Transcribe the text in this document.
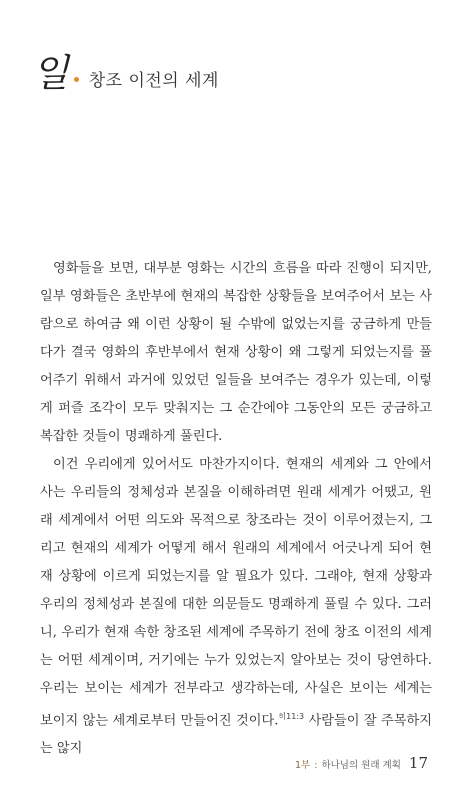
일 창조 이전의 세계

영화들을 보면, 대부분 영화는 시간의 흐름을 따라 진행이 되지만, 일부 영화들은 초반부에 현재의 복잡한 상황들을 보여주어서 보는 사람으로 하여금 왜 이런 상황이 될 수밖에 없었는지를 궁금하게 만들다가 결국 영화의 후반부에서 현재 상황이 왜 그렇게 되었는지를 풀어주기 위해서 과거에 있었던 일들을 보여주는 경우가 있는데, 이렇게 퍼즐 조각이 모두 맞춰지는 그 순간에야 그동안의 모든 궁금하고 복잡한 것들이 명쾌하게 풀린다.

이건 우리에게 있어서도 마찬가지이다. 현재의 세계와 그 안에서 사는 우리들의 정체성과 본질을 이해하려면 원래 세계가 어땠고, 원래 세계에서 어떤 의도와 목적으로 창조라는 것이 이루어졌는지, 그리고 현재의 세계가 어떻게 해서 원래의 세계에서 어긋나게 되어 현재 상황에 이르게 되었는지를 알 필요가 있다. 그래야, 현재 상황과 우리의 정체성과 본질에 대한 의문들도 명쾌하게 풀릴 수 있다. 그러니, 우리가 현재 속한 창조된 세계에 주목하기 전에 창조 이전의 세계는 어떤 세계이며, 거기에는 누가 있었는지 알아보는 것이 당연하다. 우리는 보이는 세계가 전부라고 생각하는데, 사실은 보이는 세계는 보이지 않는 세계로부터 만들어진 것이다.$^{히11:3}$ 사람들이 잘 주목하지는 않지

1부 : 하나님의 원래 계획 17
